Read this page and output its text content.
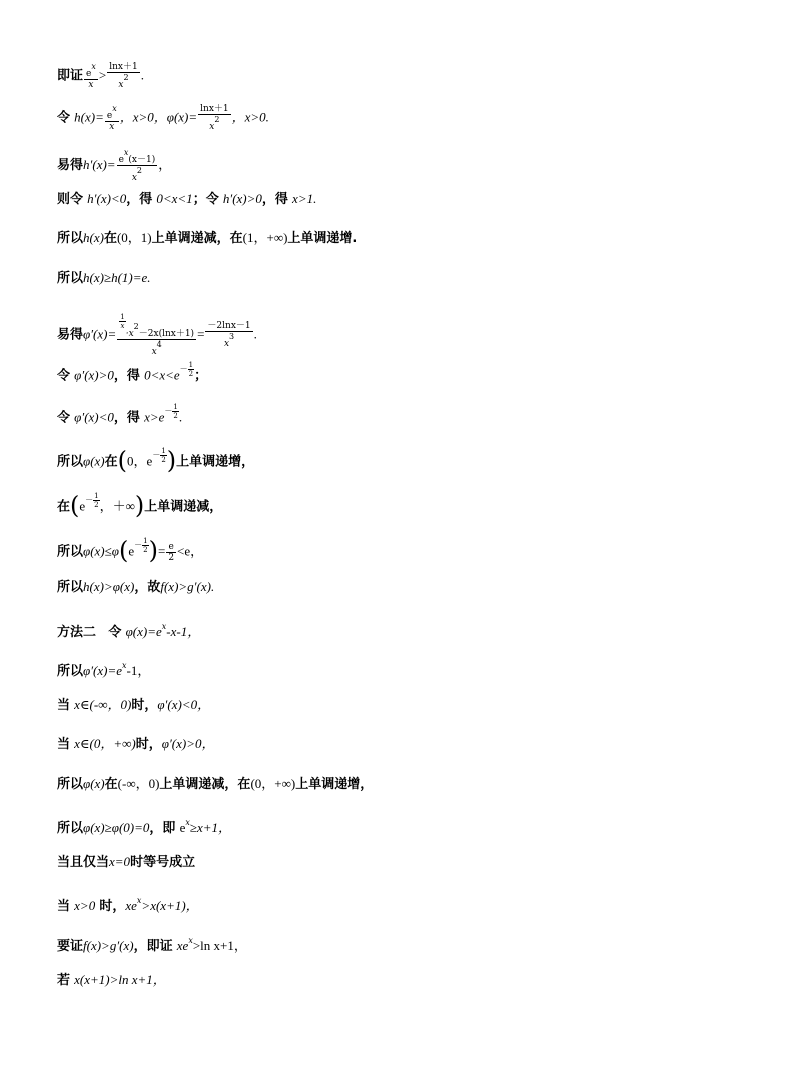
即证 $\frac{ex}{x} > \frac{\ln x+1}{x2}$ .
令 $h(x)= \frac{ex}{x}$ ，x>0，$\varphi(x)= \frac{\ln x+1}{x2}$ ，x>0.
易得$h'(x)= \frac{ex(x-1)}{x2}$ ，
则令 h′(x)<0，得 0<x<1；令 h′(x)>0，得 x>1.
所以h(x)在(0，1)上单调递减，在(1，+∞)上单调递增.
所以h(x)≥h(1)=e.
易得$\varphi'(x)= \frac{1}{x}$
·x2－2x(lnx＋1)
$x4 = \frac{-2\ln x-1}{x3}$ .
令 φ′(x)>0，得 $0<x<e- \frac{1}{2}$ ；
令 φ′(x)<0，得 $x>e- \frac{1}{2}$ .
所以φ(x)在(0，$e- \frac{1}{2}$ )上单调递增，
在($e- \frac{1}{2}$ ，＋∞)上单调递减，
所以$\varphi(x)\le\varphi(e- \frac{1}{2}$ )= $\frac{e}{2} <e$，
所以h(x)>φ(x)，故f(x)>g′(x).
方法二 令 $\varphi(x)=e^x-x-1$，
所以$\varphi'(x)=e^x-1$，
当 x∈(-∞，0)时，φ′(x)<0，
当 x∈(0，+∞)时，φ′(x)>0，
所以φ(x)在(-∞，0)上单调递减，在(0，+∞)上单调递增，
所以φ(x)≥φ(0)=0，即 $e^x\ge x+1$，
当且仅当x=0时等号成立
当 x>0 时，$xe^x>x(x+1)$，
要证f(x)>g′(x)，即证 $xe^x>\ln$ x+1，
若 x(x+1)>ln x+1，
